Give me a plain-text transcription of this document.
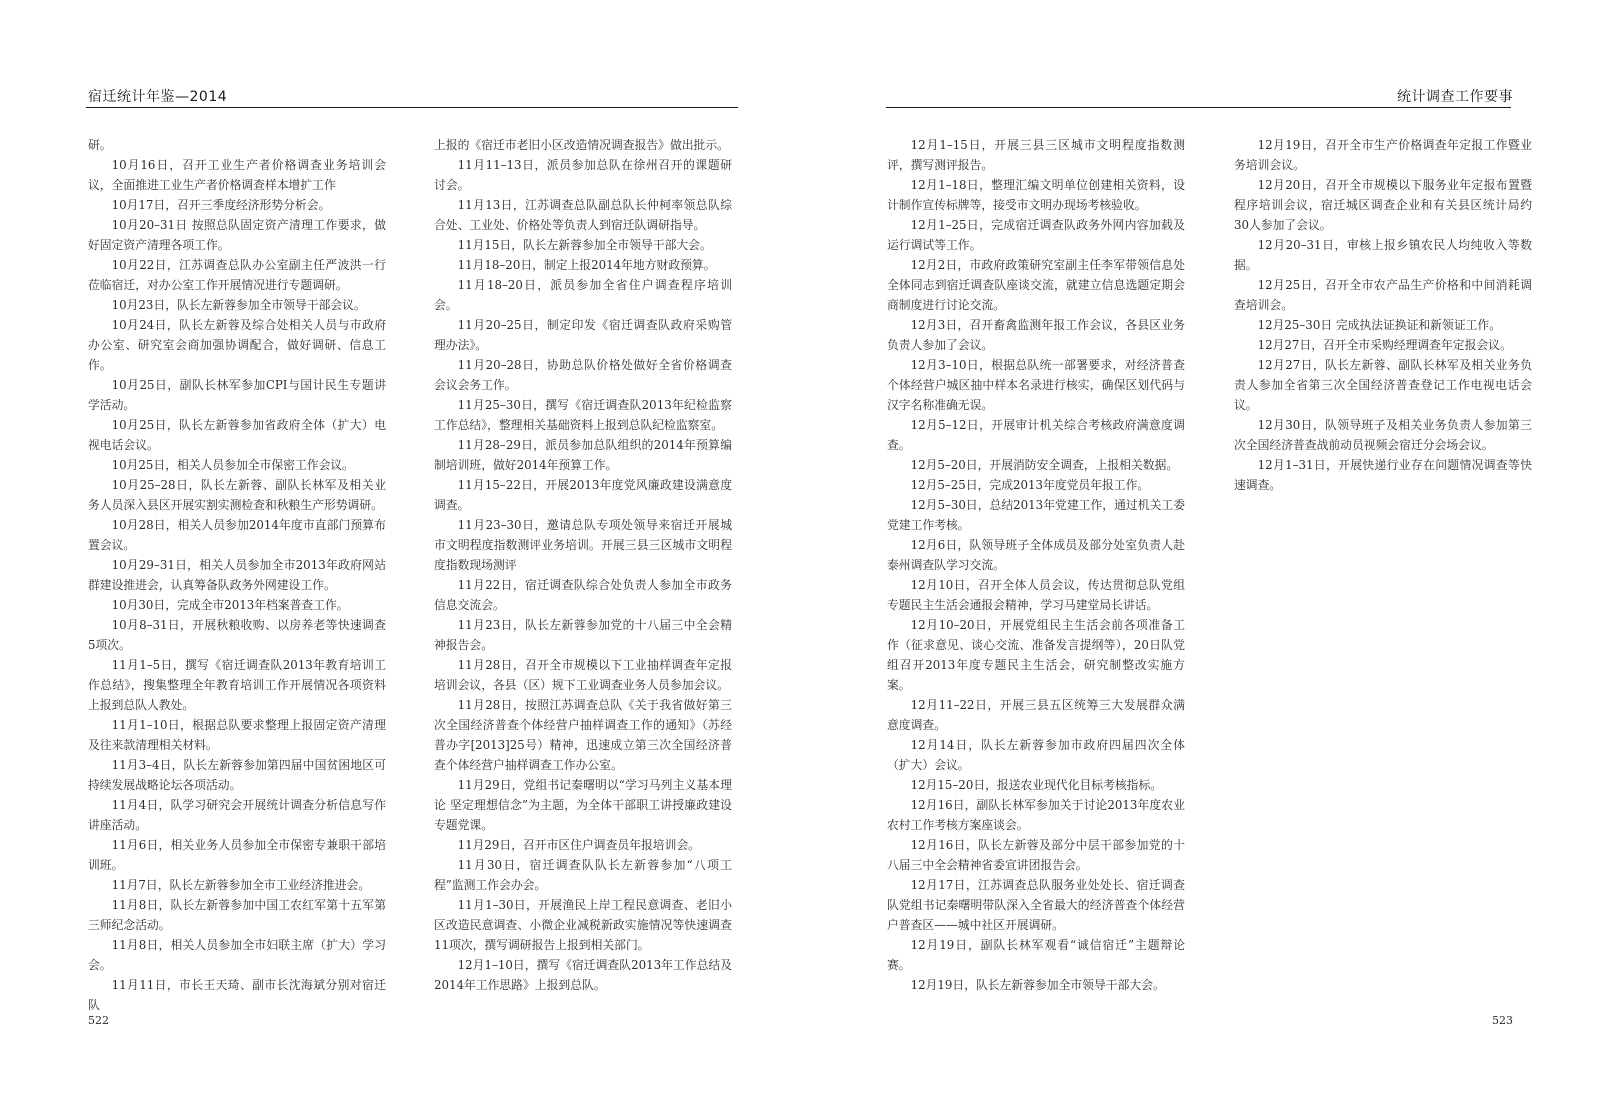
宿迁统计年鉴—2014

研。

10月16日，召开工业生产者价格调查业务培训会议，全面推进工业生产者价格调查样本增扩工作

10月17日，召开三季度经济形势分析会。

10月20–31日 按照总队固定资产清理工作要求，做好固定资产清理各项工作。

10月22日，江苏调查总队办公室副主任严波洪一行莅临宿迁，对办公室工作开展情况进行专题调研。

10月23日，队长左新蓉参加全市领导干部会议。

10月24日，队长左新蓉及综合处相关人员与市政府办公室、研究室会商加强协调配合，做好调研、信息工作。

10月25日，副队长林军参加CPI与国计民生专题讲学活动。

10月25日，队长左新蓉参加省政府全体（扩大）电视电话会议。

10月25日，相关人员参加全市保密工作会议。

10月25–28日，队长左新蓉、副队长林军及相关业务人员深入县区开展实割实测检查和秋粮生产形势调研。

10月28日，相关人员参加2014年度市直部门预算布置会议。

10月29–31日，相关人员参加全市2013年政府网站群建设推进会，认真筹备队政务外网建设工作。

10月30日，完成全市2013年档案普查工作。

10月8–31日，开展秋粮收购、以房养老等快速调查5项次。

11月1–5日，撰写《宿迁调查队2013年教育培训工作总结》，搜集整理全年教育培训工作开展情况各项资料上报到总队人教处。

11月1–10日，根据总队要求整理上报固定资产清理及往来款清理相关材料。

11月3–4日，队长左新蓉参加第四届中国贫困地区可持续发展战略论坛各项活动。

11月4日，队学习研究会开展统计调查分析信息写作讲座活动。

11月6日，相关业务人员参加全市保密专兼职干部培训班。

11月7日，队长左新蓉参加全市工业经济推进会。

11月8日，队长左新蓉参加中国工农红军第十五军第三师纪念活动。

11月8日，相关人员参加全市妇联主席（扩大）学习会。

11月11日，市长王天琦、副市长沈海斌分别对宿迁队

上报的《宿迁市老旧小区改造情况调查报告》做出批示。

11月11–13日，派员参加总队在徐州召开的课题研讨会。

11月13日，江苏调查总队副总队长仲柯率领总队综合处、工业处、价格处等负责人到宿迁队调研指导。

11月15日，队长左新蓉参加全市领导干部大会。

11月18–20日，制定上报2014年地方财政预算。

11月18–20日，派员参加全省住户调查程序培训会。

11月20–25日，制定印发《宿迁调查队政府采购管理办法》。

11月20–28日，协助总队价格处做好全省价格调查会议会务工作。

11月25–30日，撰写《宿迁调查队2013年纪检监察工作总结》，整理相关基础资料上报到总队纪检监察室。

11月28–29日，派员参加总队组织的2014年预算编制培训班，做好2014年预算工作。

11月15–22日，开展2013年度党风廉政建设满意度调查。

11月23–30日，邀请总队专项处领导来宿迁开展城市文明程度指数测评业务培训。开展三县三区城市文明程度指数现场测评

11月22日，宿迁调查队综合处负责人参加全市政务信息交流会。

11月23日，队长左新蓉参加党的十八届三中全会精神报告会。

11月28日，召开全市规模以下工业抽样调查年定报培训会议，各县（区）规下工业调查业务人员参加会议。

11月28日，按照江苏调查总队《关于我省做好第三次全国经济普查个体经营户抽样调查工作的通知》（苏经普办字[2013]25号）精神，迅速成立第三次全国经济普查个体经营户抽样调查工作办公室。

11月29日，党组书记秦曙明以“学习马列主义基本理论 坚定理想信念”为主题，为全体干部职工讲授廉政建设专题党课。

11月29日，召开市区住户调查员年报培训会。

11月30日，宿迁调查队队长左新蓉参加“八项工程”监测工作会办会。

11月1–30日，开展渔民上岸工程民意调查、老旧小区改造民意调查、小微企业减税新政实施情况等快速调查11项次，撰写调研报告上报到相关部门。

12月1–10日，撰写《宿迁调查队2013年工作总结及2014年工作思路》上报到总队。

522
统计调查工作要事

12月1–15日，开展三县三区城市文明程度指数测评，撰写测评报告。

12月1–18日，整理汇编文明单位创建相关资料，设计制作宣传标牌等，接受市文明办现场考核验收。

12月1–25日，完成宿迁调查队政务外网内容加载及运行调试等工作。

12月2日，市政府政策研究室副主任李军带领信息处全体同志到宿迁调查队座谈交流，就建立信息选题定期会商制度进行讨论交流。

12月3日，召开畜禽监测年报工作会议，各县区业务负责人参加了会议。

12月3–10日，根据总队统一部署要求，对经济普查个体经营户城区抽中样本名录进行核实，确保区划代码与汉字名称准确无误。

12月5–12日，开展审计机关综合考核政府满意度调查。

12月5–20日，开展消防安全调查，上报相关数据。

12月5–25日，完成2013年度党员年报工作。

12月5–30日，总结2013年党建工作，通过机关工委党建工作考核。

12月6日，队领导班子全体成员及部分处室负责人赴泰州调查队学习交流。

12月10日，召开全体人员会议，传达贯彻总队党组专题民主生活会通报会精神，学习马建堂局长讲话。

12月10–20日，开展党组民主生活会前各项准备工作（征求意见、谈心交流、准备发言提纲等），20日队党组召开2013年度专题民主生活会，研究制整改实施方案。

12月11–22日，开展三县五区统筹三大发展群众满意度调查。

12月14日，队长左新蓉参加市政府四届四次全体（扩大）会议。

12月15–20日，报送农业现代化目标考核指标。

12月16日，副队长林军参加关于讨论2013年度农业农村工作考核方案座谈会。

12月16日，队长左新蓉及部分中层干部参加党的十八届三中全会精神省委宣讲团报告会。

12月17日，江苏调查总队服务业处处长、宿迁调查队党组书记秦曙明带队深入全省最大的经济普查个体经营户普查区——城中社区开展调研。

12月19日，副队长林军观看“诚信宿迁”主题辩论赛。

12月19日，队长左新蓉参加全市领导干部大会。

12月19日，召开全市生产价格调查年定报工作暨业务培训会议。

12月20日，召开全市规模以下服务业年定报布置暨程序培训会议，宿迁城区调查企业和有关县区统计局约30人参加了会议。

12月20–31日，审核上报乡镇农民人均纯收入等数据。

12月25日，召开全市农产品生产价格和中间消耗调查培训会。

12月25–30日 完成执法证换证和新领证工作。

12月27日，召开全市采购经理调查年定报会议。

12月27日，队长左新蓉、副队长林军及相关业务负责人参加全省第三次全国经济普查登记工作电视电话会议。

12月30日，队领导班子及相关业务负责人参加第三次全国经济普查战前动员视频会宿迁分会场会议。

12月1–31日，开展快递行业存在问题情况调查等快速调查。

523
